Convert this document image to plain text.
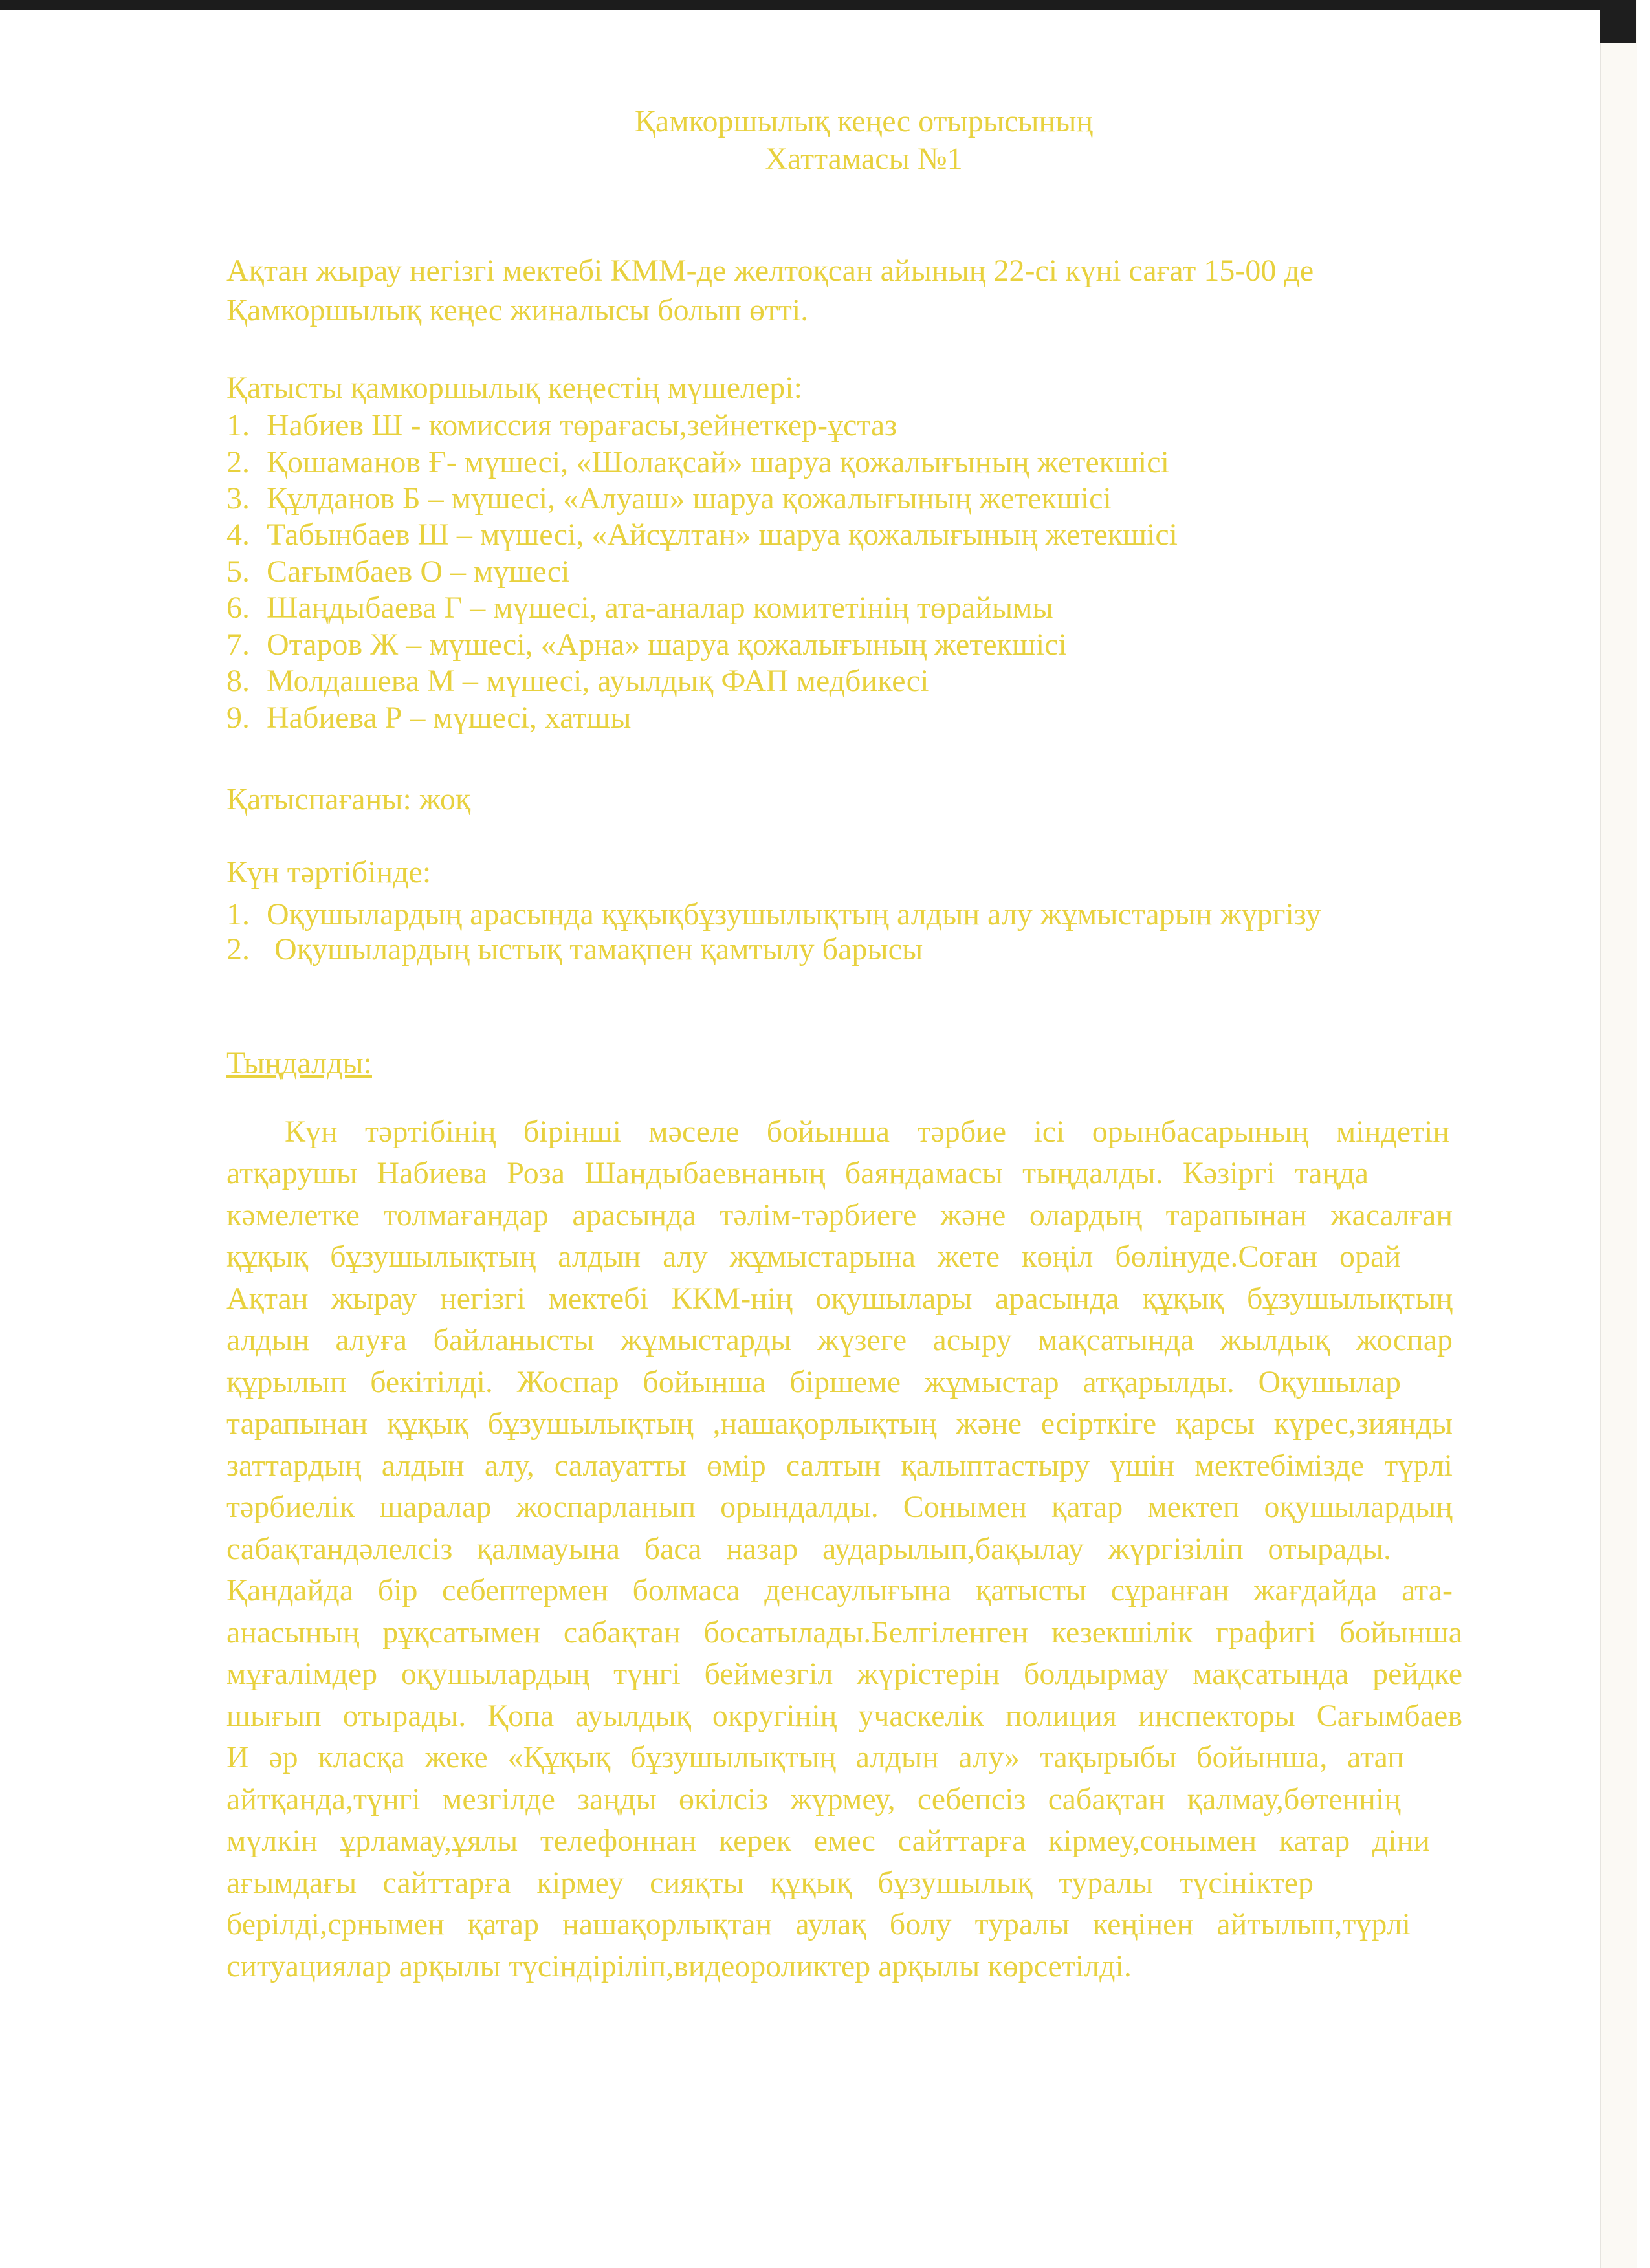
Қамкоршылық кеңес отырысының
Хаттамасы №1
Ақтан жырау негізгі мектебі КММ-де желтоқсан айының 22-сі күні сағат 15-00 де
Қамкоршылық кеңес жиналысы болып өтті.
Қатысты қамкоршылық кеңестің мүшелері:
1. Набиев Ш - комиссия төрағасы,зейнеткер-ұстаз
2. Қошаманов Ғ- мүшесі, «Шолақсай» шаруа қожалығының жетекшісі
3. Құлданов Б – мүшесі, «Алуаш» шаруа қожалығының жетекшісі
4. Табынбаев Ш – мүшесі, «Айсұлтан» шаруа қожалығының жетекшісі
5. Сағымбаев О – мүшесі
6. Шаңдыбаева Г – мүшесі, ата-аналар комитетінің төрайымы
7. Отаров Ж – мүшесі, «Арна» шаруа қожалығының жетекшісі
8. Молдашева М – мүшесі, ауылдық ФАП медбикесі
9. Набиева Р – мүшесі, хатшы
Қатыспағаны: жоқ
Күн тәртібінде:
1. Оқушылардың арасында құқықбұзушылықтың алдын алу жұмыстарын жүргізу
2. Оқушылардың ыстық тамақпен қамтылу барысы
Тыңдалды:
Күн тәртібінің бірінші мәселе бойынша тәрбие ісі орынбасарының міндетін
атқарушы Набиева Роза Шандыбаевнаның баяндамасы тыңдалды. Кәзіргі таңда
кәмелетке толмағандар арасында тәлім-тәрбиеге және олардың тарапынан жасалған
құқық бұзушылықтың алдын алу жұмыстарына жете көңіл бөлінуде.Соған орай
Ақтан жырау негізгі мектебі ККМ-нің оқушылары арасында құқық бұзушылықтың
алдын алуға байланысты жұмыстарды жүзеге асыру мақсатында жылдық жоспар
құрылып бекітілді. Жоспар бойынша біршеме жұмыстар атқарылды. Оқушылар
тарапынан құқық бұзушылықтың ,нашақорлықтың және есірткіге қарсы күрес,зиянды
заттардың алдын алу, салауатты өмір салтын қалыптастыру үшін мектебімізде түрлі
тәрбиелік шаралар жоспарланып орындалды. Сонымен қатар мектеп оқушылардың
сабақтандәлелсіз қалмауына баса назар аударылып,бақылау жүргізіліп отырады.
Қандайда бір себептермен болмаса денсаулығына қатысты сұранған жағдайда ата-
анасының рұқсатымен сабақтан босатылады.Белгіленген кезекшілік графигі бойынша
мұғалімдер оқушылардың түнгі беймезгіл жүрістерін болдырмау мақсатында рейдке
шығып отырады. Қопа ауылдық округінің учаскелік полиция инспекторы Сағымбаев
И әр класқа жеке «Құқық бұзушылықтың алдын алу» тақырыбы бойынша, атап
айтқанда,түнгі мезгілде заңды өкілсіз жүрмеу, себепсіз сабақтан қалмау,бөтеннің
мүлкін ұрламау,ұялы телефоннан керек емес сайттарға кірмеу,сонымен катар діни
ағымдағы сайттарға кірмеу сияқты құқық бұзушылық туралы түсініктер
берілді,срнымен қатар нашақорлықтан аулақ болу туралы кеңінен айтылып,түрлі
ситуациялар арқылы түсіндіріліп,видеороликтер арқылы көрсетілді.
